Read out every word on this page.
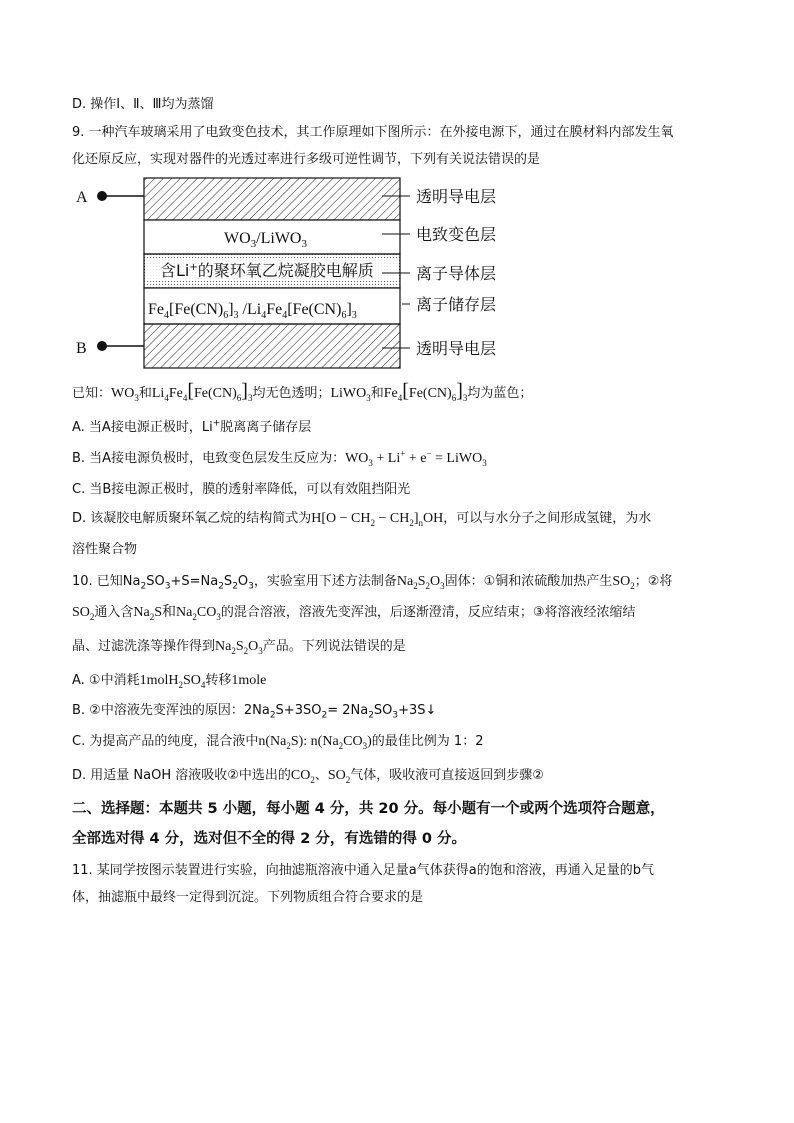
D. 操作Ⅰ、Ⅱ、Ⅲ均为蒸馏
9. 一种汽车玻璃采用了电致变色技术，其工作原理如下图所示：在外接电源下，通过在膜材料内部发生氧
化还原反应，实现对器件的光透过率进行多级可逆性调节，下列有关说法错误的是
A
B
$WO_3/LiWO_3$
含Li+的聚环氧乙烷凝胶电解质
$Fe_4[Fe(CN)_6]_3$ $/Li_4Fe_4[Fe(CN)_6]_3$
透明导电层
电致变色层
离子导体层
离子储存层
透明导电层
已知：$WO_3$和$Li_4Fe_4[Fe(CN)_6]_3$均无色透明；LiWO$_3$和$Fe_4[Fe(CN)_6]_3$均为蓝色；
A. 当A接电源正极时，Li+脱离离子储存层
B. 当A接电源负极时，电致变色层发生反应为：$WO_3 + Li^+ + e^-$ = LiWO$_3$
C. 当B接电源正极时，膜的透射率降低，可以有效阻挡阳光
D. 该凝胶电解质聚环氧乙烷的结构简式为$H[O - CH_2 - CH_2]_nOH$，可以与水分子之间形成氢键，为水
溶性聚合物
10. 已知$Na_2SO_3+S=Na_2S_2O_3$，实验室用下述方法制备$Na_2S_2O_3$固体：①铜和浓硫酸加热产生$SO_2$；②将
$SO_2$通入含$Na_2S$和$Na_2CO_3$的混合溶液，溶液先变浑浊，后逐渐澄清，反应结束；③将溶液经浓缩结
晶、过滤洗涤等操作得到$Na_2S_2O_3$产品。下列说法错误的是
A. ①中消耗$1molH_2SO_4$转移1mole
B. ②中溶液先变浑浊的原因：$2Na_2S+3SO_2=$ $2Na_2SO_3+3S↓$
C. 为提高产品的纯度，混合液中$n(Na_2S)$: $n(Na_2CO_3)$的最佳比例为 1：2
D. 用适量 NaOH 溶液吸收②中选出的$CO_2$、$SO_2$气体，吸收液可直接返回到步骤②
二、选择题：本题共 5 小题，每小题 4 分，共 20 分。每小题有一个或两个选项符合题意，
全部选对得 4 分，选对但不全的得 2 分，有选错的得 0 分。
11. 某同学按图示装置进行实验，向抽滤瓶溶液中通入足量a气体获得a的饱和溶液，再通入足量的b气
体，抽滤瓶中最终一定得到沉淀。下列物质组合符合要求的是
